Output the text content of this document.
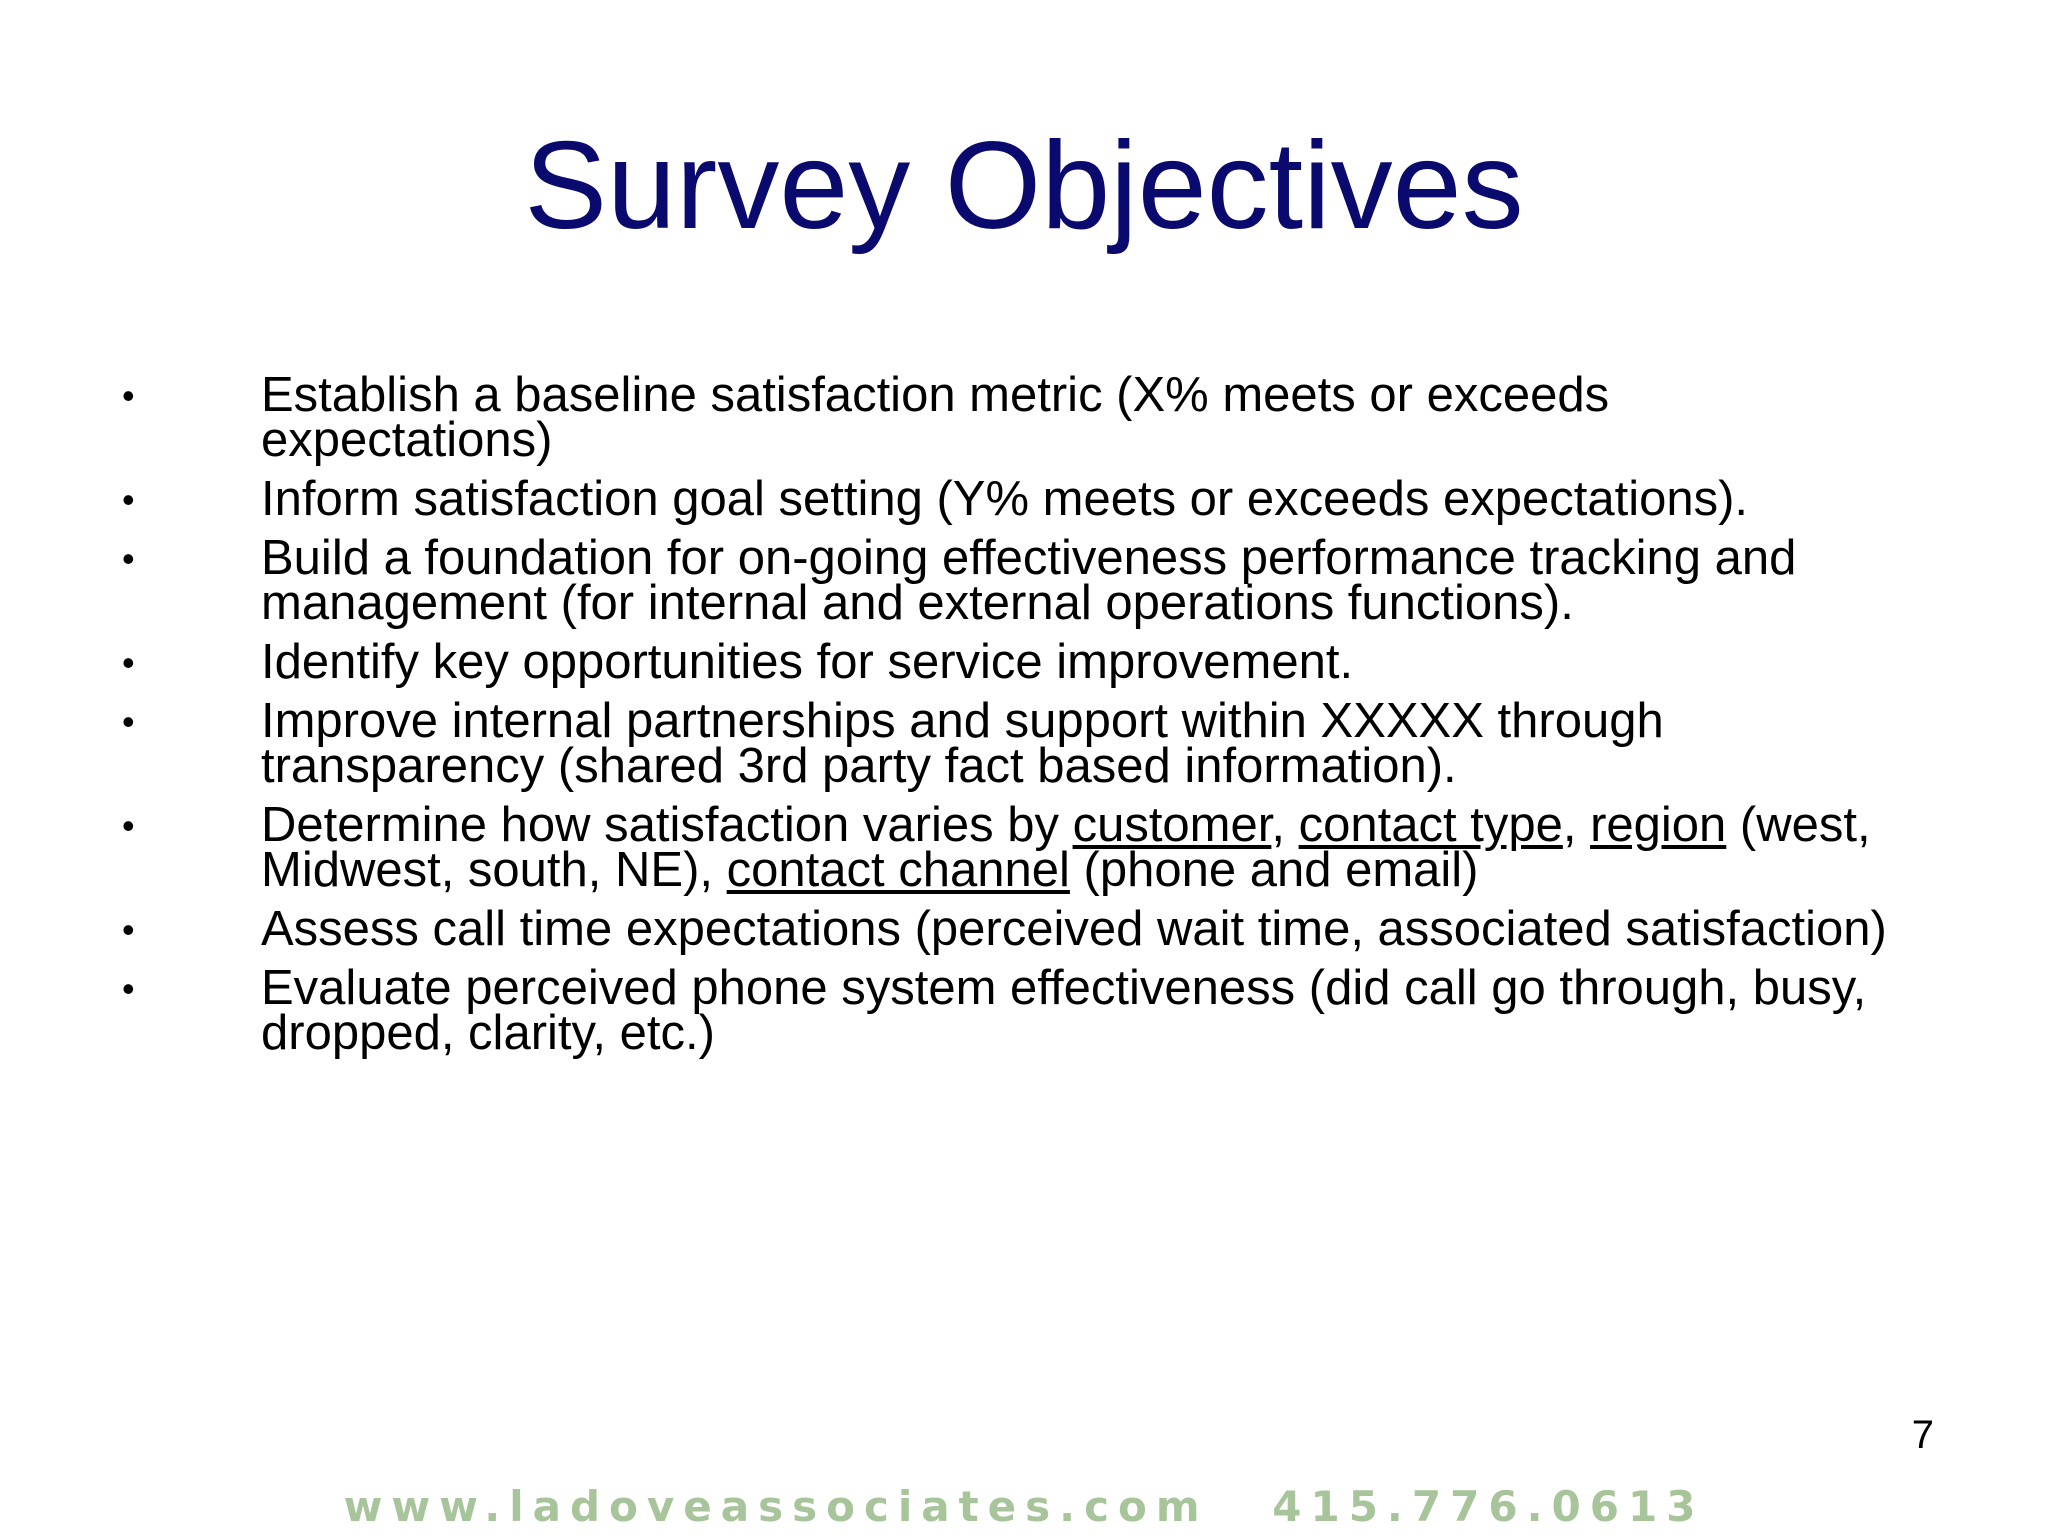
Survey Objectives
•	Establish a baseline satisfaction metric (X% meets or exceeds expectations)
•	Inform satisfaction goal setting (Y% meets or exceeds expectations).
•	Build a foundation for on-going effectiveness performance tracking and management (for internal and external operations functions).
•	Identify key opportunities for service improvement.
•	Improve internal partnerships and support within XXXXX through transparency (shared 3rd party fact based information).
•	Determine how satisfaction varies by customer, contact type, region (west, Midwest, south, NE), contact channel (phone and email)
•	Assess call time expectations (perceived wait time, associated satisfaction)
•	Evaluate perceived phone system effectiveness (did call go through, busy, dropped, clarity, etc.)
7
www.ladoveassociates.com 415.776.0613
